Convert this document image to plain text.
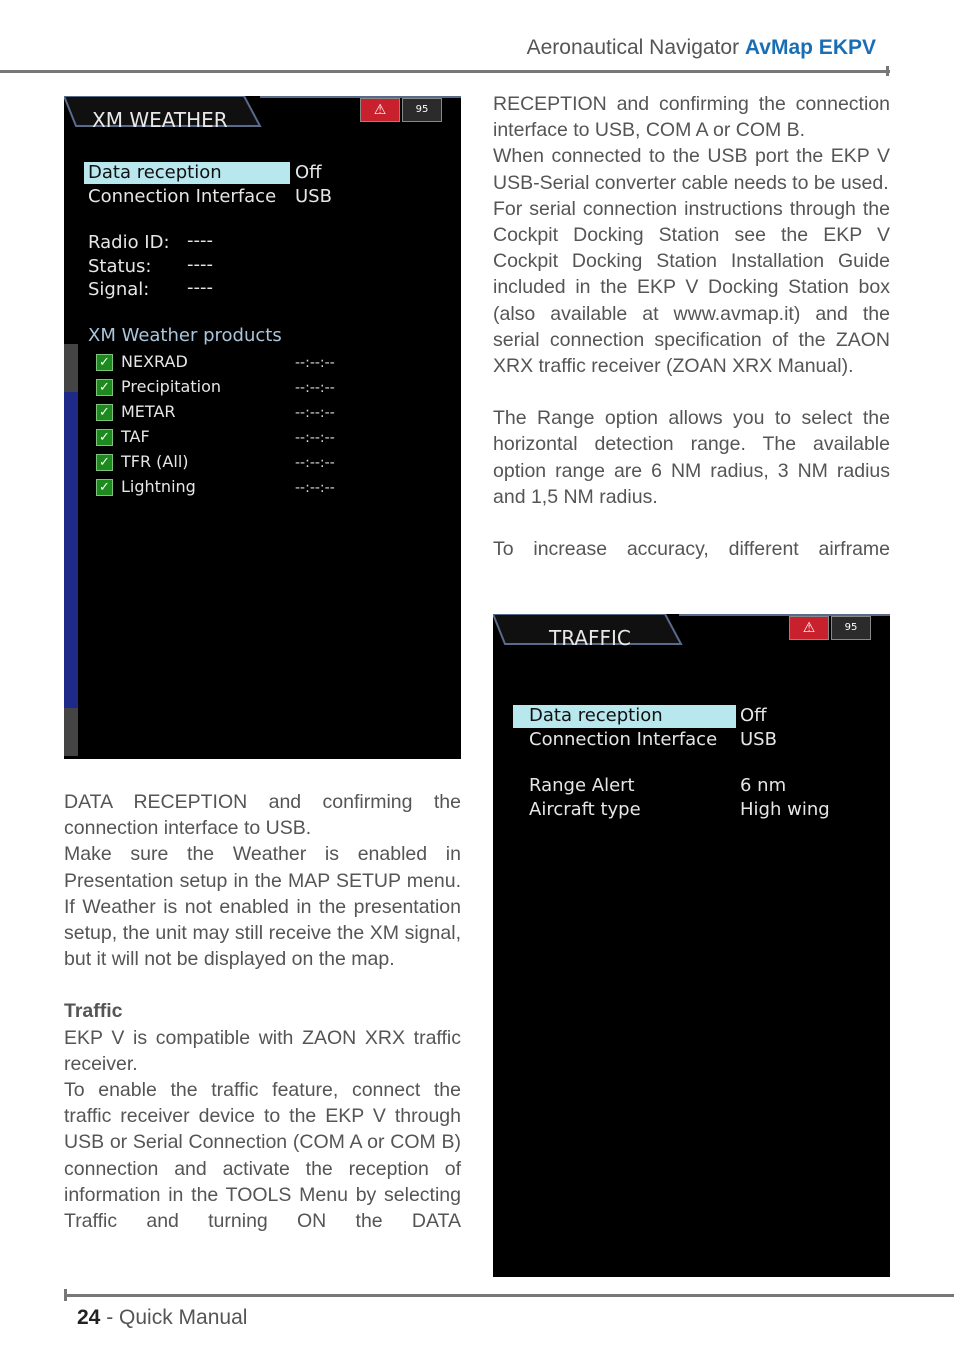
Aeronautical Navigator AvMap EKPV
XM WEATHER	⚠	95
Data reception	Off
Connection Interface USB
Radio ID: ----
Status: ----
Signal: ----
XM Weather products
✓ NEXRAD	--:--:--
✓ Precipitation	--:--:--
✓ METAR	--:--:--
✓ TAF	--:--:--
✓ TFR (All)	--:--:--
✓ Lightning	--:--:--
TRAFFIC	⚠	95
Data reception	Off
Connection Interface USB
Range Alert	6 nm
Aircraft type	High wing

DATA RECEPTION and confirming the connection interface to USB.

Make sure the Weather is enabled in Presentation setup in the MAP SETUP menu. If Weather is not enabled in the presentation setup, the unit may still receive the XM signal, but it will not be displayed on the map.

Traffic

EKP V is compatible with ZAON XRX traffic receiver.

To enable the traffic feature, connect the traffic receiver device to the EKP V through USB or Serial Connection (COM A or COM B) connection and activate the reception of information in the TOOLS Menu by selecting Traffic and turning ON the DATA

RECEPTION and confirming the connection interface to USB, COM A or COM B.

When connected to the USB port the EKP V USB-Serial converter cable needs to be used.

For serial connection instructions through the Cockpit Docking Station see the EKP V Cockpit Docking Station Installation Guide included in the EKP V Docking Station box (also available at www.avmap.it) and the serial connection specification of the ZAON XRX traffic receiver (ZOAN XRX Manual).

The Range option allows you to select the horizontal detection range. The available option range are 6 NM radius, 3 NM radius and 1,5 NM radius.

To increase accuracy, different airframe

24 - Quick Manual
